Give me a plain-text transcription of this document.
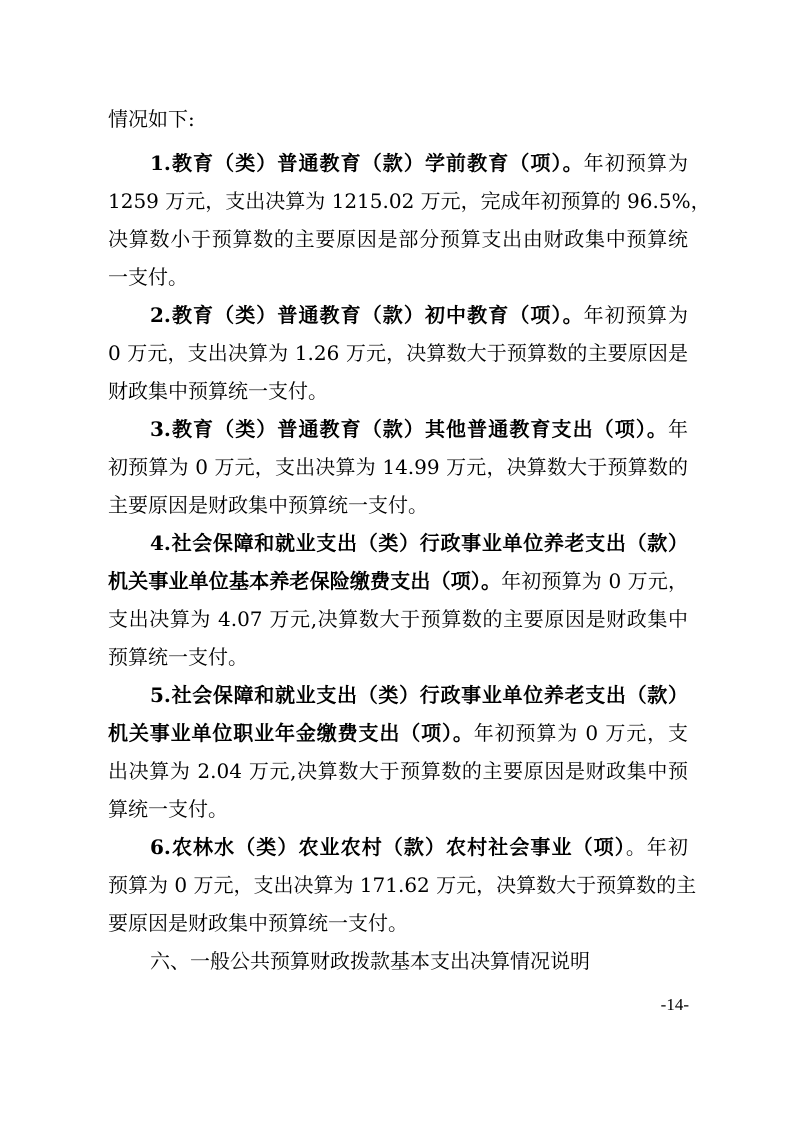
情况如下:
1.教育（类）普通教育（款）学前教育（项）。年初预算为
1259 万元，支出决算为 1215.02 万元，完成年初预算的 96.5%，
决算数小于预算数的主要原因是部分预算支出由财政集中预算统
一支付。
2.教育（类）普通教育（款）初中教育（项）。年初预算为
0 万元，支出决算为 1.26 万元，决算数大于预算数的主要原因是
财政集中预算统一支付。
3.教育（类）普通教育（款）其他普通教育支出（项）。年
初预算为 0 万元，支出决算为 14.99 万元，决算数大于预算数的
主要原因是财政集中预算统一支付。
4.社会保障和就业支出（类）行政事业单位养老支出（款）
机关事业单位基本养老保险缴费支出（项）。年初预算为 0 万元，
支出决算为 4.07 万元,决算数大于预算数的主要原因是财政集中
预算统一支付。
5.社会保障和就业支出（类）行政事业单位养老支出（款）
机关事业单位职业年金缴费支出（项）。年初预算为 0 万元，支
出决算为 2.04 万元,决算数大于预算数的主要原因是财政集中预
算统一支付。
6.农林水（类）农业农村（款）农村社会事业（项）。年初
预算为 0 万元，支出决算为 171.62 万元，决算数大于预算数的主
要原因是财政集中预算统一支付。
六、一般公共预算财政拨款基本支出决算情况说明
-14-
